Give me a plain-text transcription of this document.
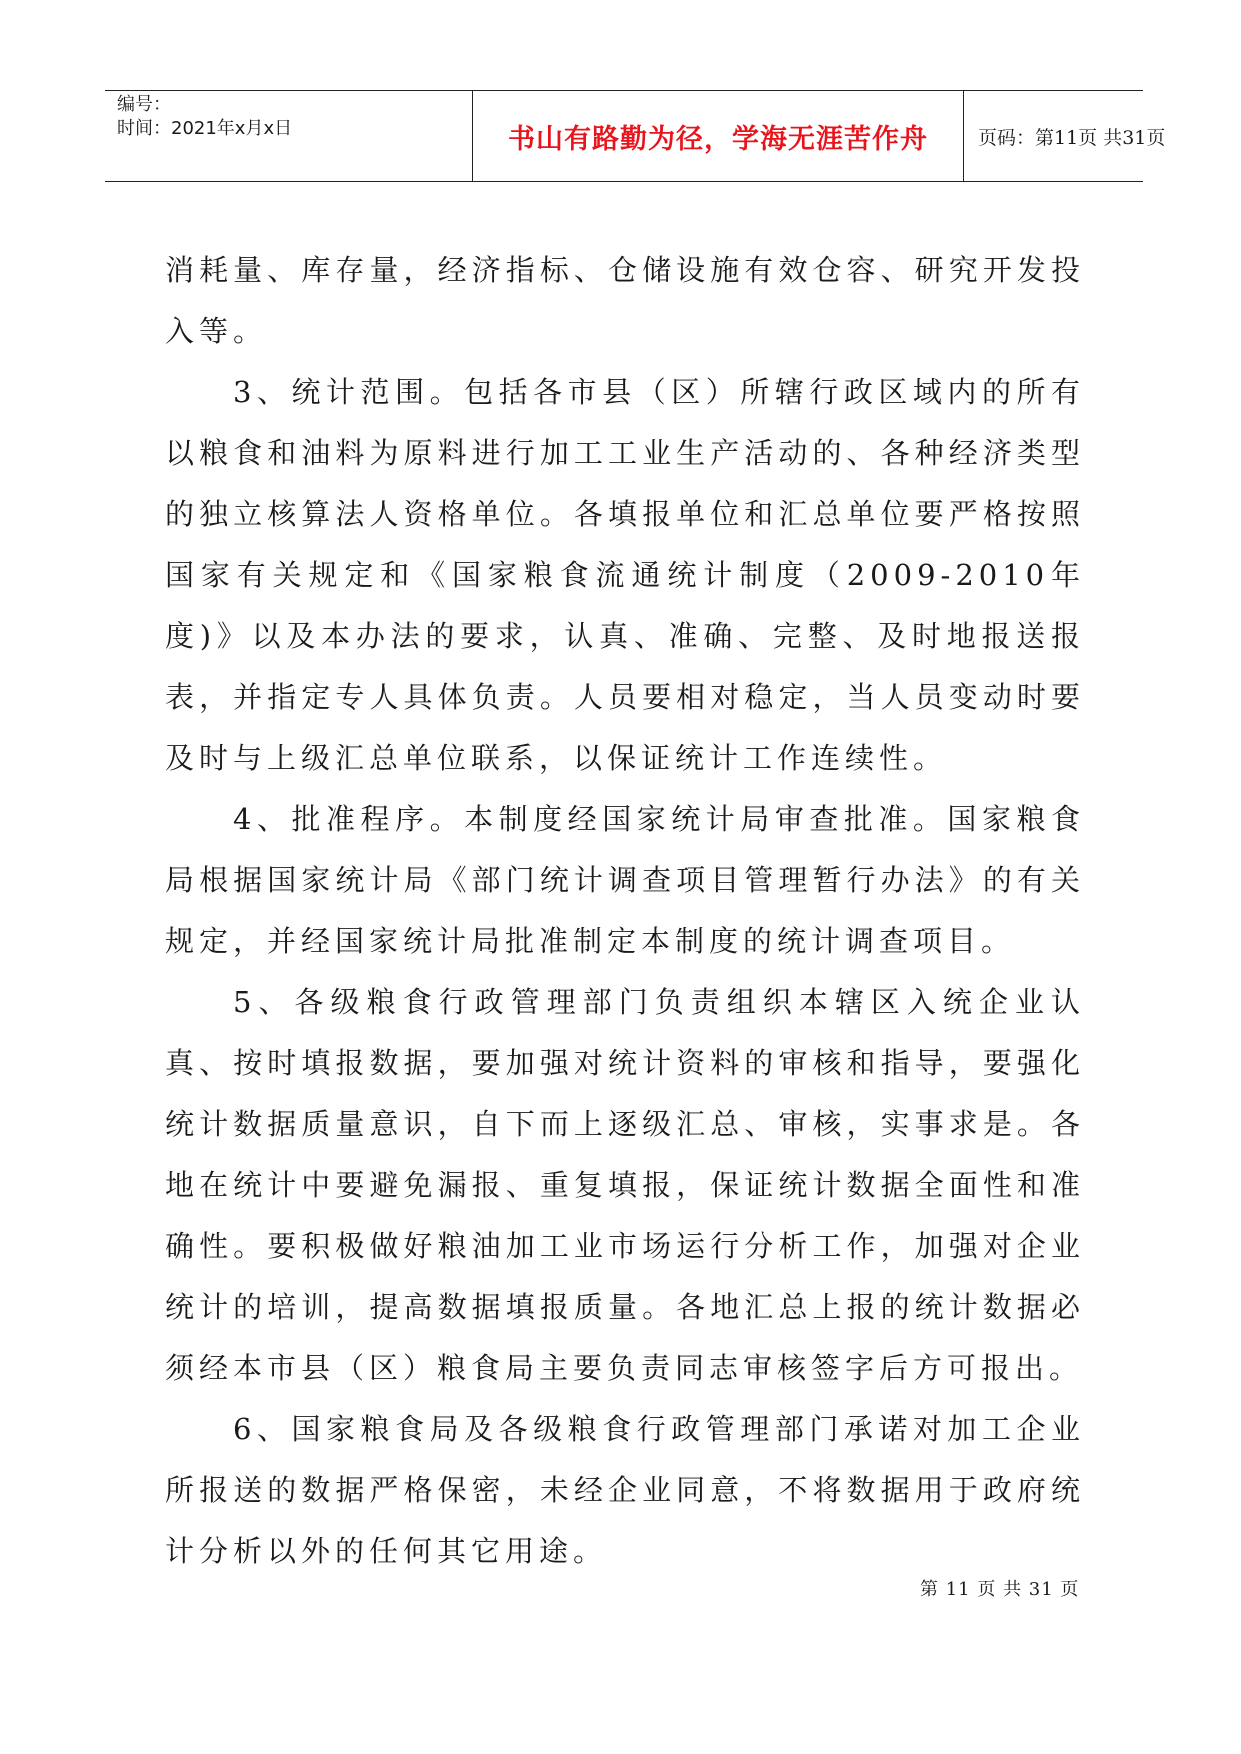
编号：
时间：2021年x月x日	书山有路勤为径，学海无涯苦作舟	页码：第11页 共31页

消耗量、库存量，经济指标、仓储设施有效仓容、研究开发投入等。

3、统计范围。包括各市县（区）所辖行政区域内的所有以粮食和油料为原料进行加工工业生产活动的、各种经济类型的独立核算法人资格单位。各填报单位和汇总单位要严格按照国家有关规定和《国家粮食流通统计制度（2009-2010年度)》以及本办法的要求，认真、准确、完整、及时地报送报表，并指定专人具体负责。人员要相对稳定，当人员变动时要及时与上级汇总单位联系，以保证统计工作连续性。

4、批准程序。本制度经国家统计局审查批准。国家粮食局根据国家统计局《部门统计调查项目管理暂行办法》的有关规定，并经国家统计局批准制定本制度的统计调查项目。

5、各级粮食行政管理部门负责组织本辖区入统企业认真、按时填报数据，要加强对统计资料的审核和指导，要强化统计数据质量意识，自下而上逐级汇总、审核，实事求是。各地在统计中要避免漏报、重复填报，保证统计数据全面性和准确性。要积极做好粮油加工业市场运行分析工作，加强对企业统计的培训，提高数据填报质量。各地汇总上报的统计数据必须经本市县（区）粮食局主要负责同志审核签字后方可报出。

6、国家粮食局及各级粮食行政管理部门承诺对加工企业所报送的数据严格保密，未经企业同意，不将数据用于政府统计分析以外的任何其它用途。

第 11 页 共 31 页
